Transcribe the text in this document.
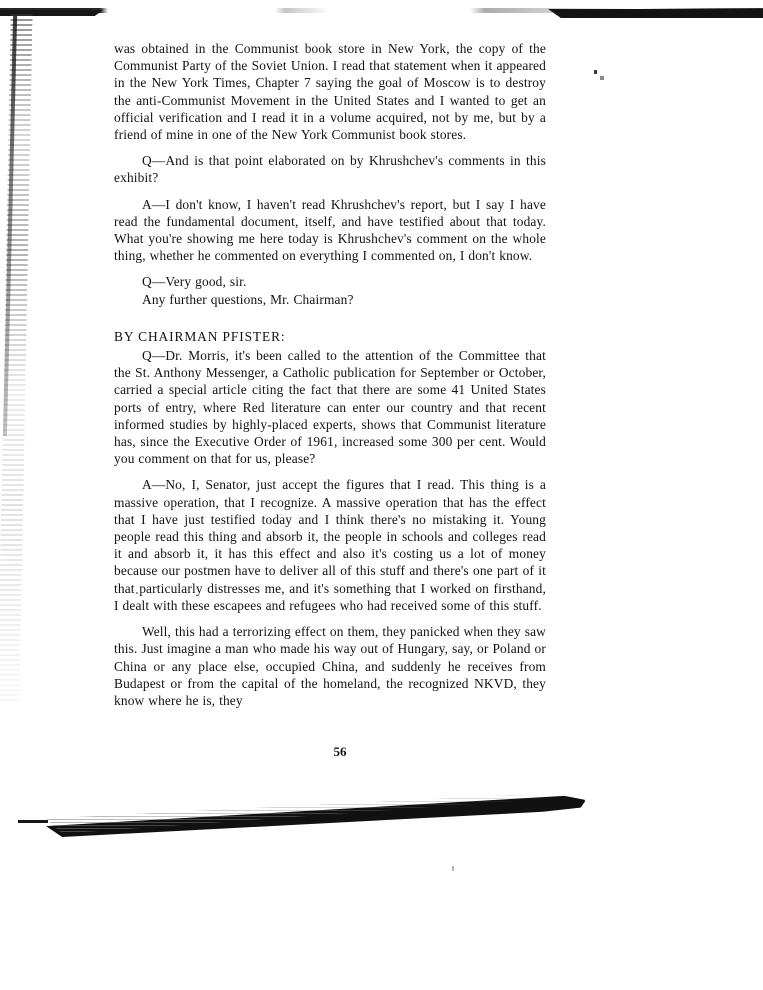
was obtained in the Communist book store in New York, the copy of the Communist Party of the Soviet Union. I read that statement when it appeared in the New York Times, Chapter 7 saying the goal of Moscow is to destroy the anti-Communist Movement in the United States and I wanted to get an official verification and I read it in a volume acquired, not by me, but by a friend of mine in one of the New York Communist book stores.

Q—And is that point elaborated on by Khrushchev's comments in this exhibit?

A—I don't know, I haven't read Khrushchev's report, but I say I have read the fundamental document, itself, and have testified about that today. What you're showing me here today is Khrushchev's comment on the whole thing, whether he commented on everything I commented on, I don't know.

Q—Very good, sir.

Any further questions, Mr. Chairman?

BY CHAIRMAN PFISTER:

Q—Dr. Morris, it's been called to the attention of the Committee that the St. Anthony Messenger, a Catholic publication for September or October, carried a special article citing the fact that there are some 41 United States ports of entry, where Red literature can enter our country and that recent informed studies by highly-placed experts, shows that Communist literature has, since the Executive Order of 1961, increased some 300 per cent. Would you comment on that for us, please?

A—No, I, Senator, just accept the figures that I read. This thing is a massive operation, that I recognize. A massive operation that has the effect that I have just testified today and I think there's no mistaking it. Young people read this thing and absorb it, the people in schools and colleges read it and absorb it, it has this effect and also it's costing us a lot of money because our postmen have to deliver all of this stuff and there's one part of it that particularly distresses me, and it's something that I worked on firsthand, I dealt with these escapees and refugees who had received some of this stuff.

Well, this had a terrorizing effect on them, they panicked when they saw this. Just imagine a man who made his way out of Hungary, say, or Poland or China or any place else, occupied China, and suddenly he receives from Budapest or from the capital of the homeland, the recognized NKVD, they know where he is, they

56
